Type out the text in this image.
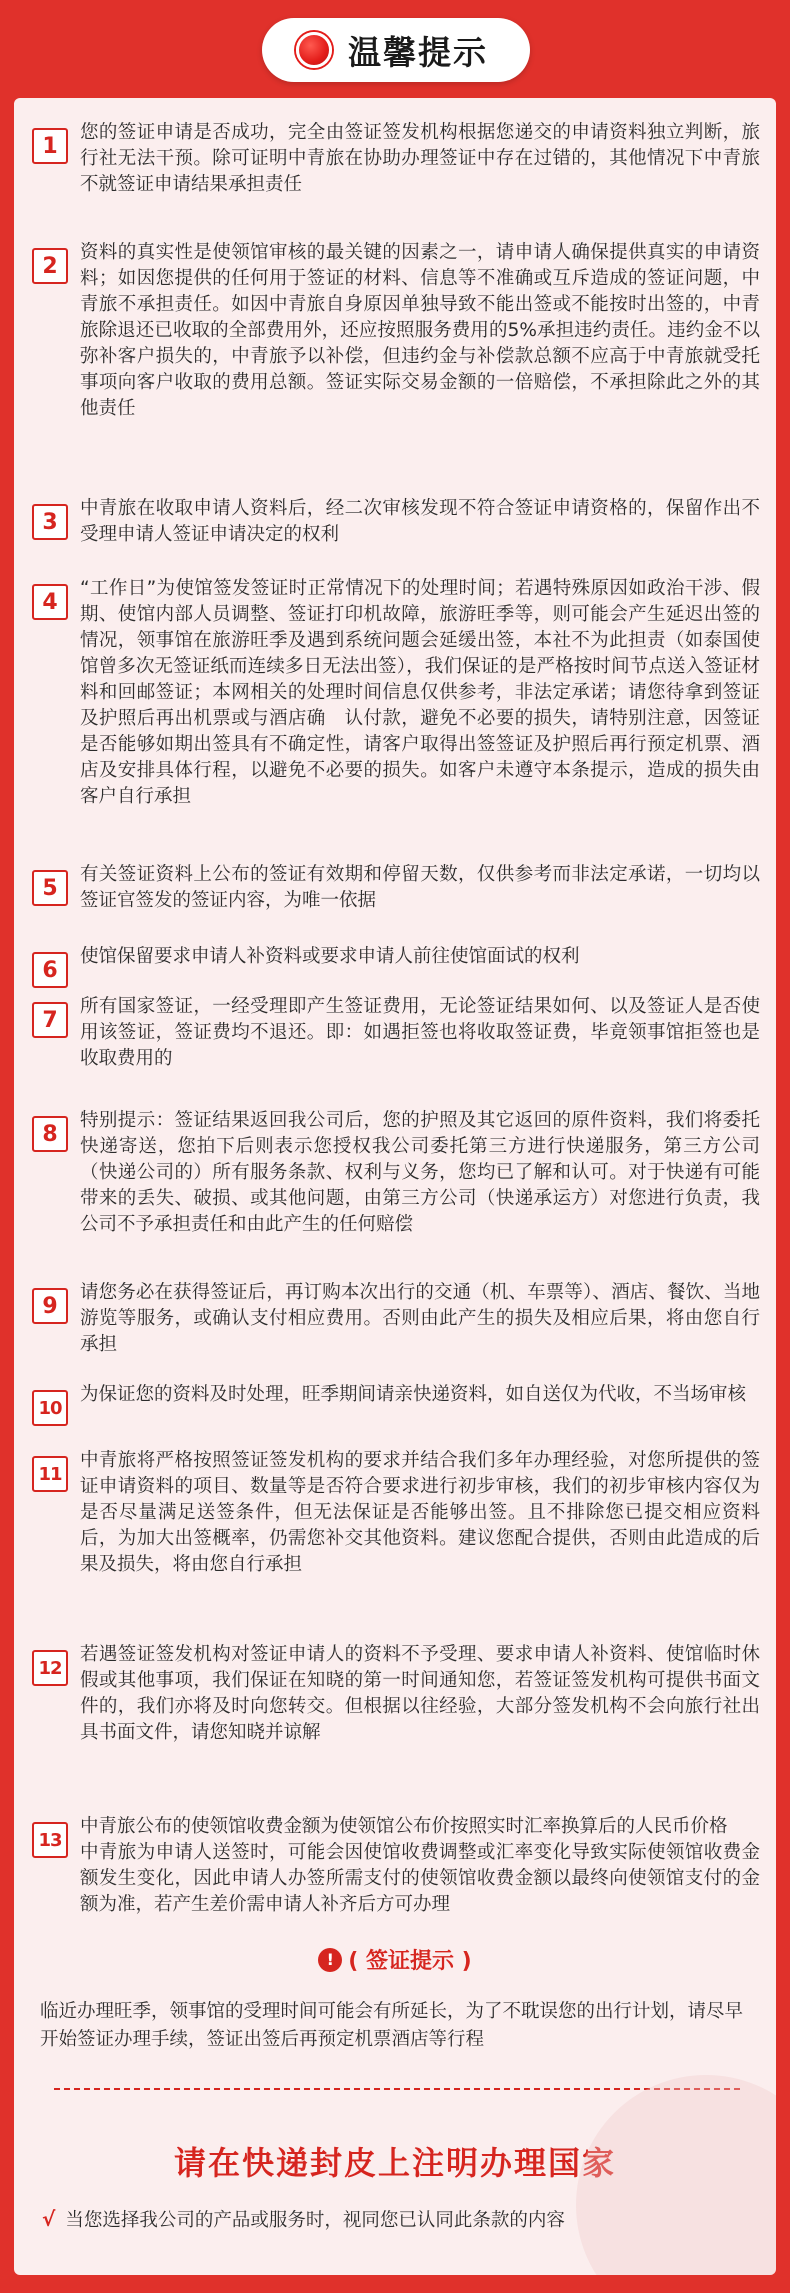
温馨提示
1
您的签证申请是否成功，完全由签证签发机构根据您递交的申请资料独立判断，旅行社无法干预。除可证明中青旅在协助办理签证中存在过错的，其他情况下中青旅不就签证申请结果承担责任
2
资料的真实性是使领馆审核的最关键的因素之一，请申请人确保提供真实的申请资料；如因您提供的任何用于签证的材料、信息等不准确或互斥造成的签证问题，中青旅不承担责任。如因中青旅自身原因单独导致不能出签或不能按时出签的，中青旅除退还已收取的全部费用外，还应按照服务费用的5%承担违约责任。违约金不以弥补客户损失的，中青旅予以补偿，但违约金与补偿款总额不应高于中青旅就受托事项向客户收取的费用总额。签证实际交易金额的一倍赔偿，不承担除此之外的其他责任
3
中青旅在收取申请人资料后，经二次审核发现不符合签证申请资格的，保留作出不受理申请人签证申请决定的权利
4
“工作日”为使馆签发签证时正常情况下的处理时间；若遇特殊原因如政治干涉、假期、使馆内部人员调整、签证打印机故障，旅游旺季等，则可能会产生延迟出签的情况，领事馆在旅游旺季及遇到系统问题会延缓出签，本社不为此担责（如泰国使馆曾多次无签证纸而连续多日无法出签），我们保证的是严格按时间节点送入签证材料和回邮签证；本网相关的处理时间信息仅供参考，非法定承诺；请您待拿到签证及护照后再出机票或与酒店确　认付款，避免不必要的损失，请特别注意，因签证是否能够如期出签具有不确定性，请客户取得出签签证及护照后再行预定机票、酒店及安排具体行程，以避免不必要的损失。如客户未遵守本条提示，造成的损失由客户自行承担
5
有关签证资料上公布的签证有效期和停留天数，仅供参考而非法定承诺，一切均以签证官签发的签证内容，为唯一依据
6
使馆保留要求申请人补资料或要求申请人前往使馆面试的权利
7
所有国家签证，一经受理即产生签证费用，无论签证结果如何、以及签证人是否使用该签证，签证费均不退还。即：如遇拒签也将收取签证费，毕竟领事馆拒签也是收取费用的
8
特别提示：签证结果返回我公司后，您的护照及其它返回的原件资料，我们将委托快递寄送，您拍下后则表示您授权我公司委托第三方进行快递服务，第三方公司（快递公司的）所有服务条款、权利与义务，您均已了解和认可。对于快递有可能带来的丢失、破损、或其他问题，由第三方公司（快递承运方）对您进行负责，我公司不予承担责任和由此产生的任何赔偿
9
请您务必在获得签证后，再订购本次出行的交通（机、车票等）、酒店、餐饮、当地游览等服务，或确认支付相应费用。否则由此产生的损失及相应后果，将由您自行承担
10
为保证您的资料及时处理，旺季期间请亲快递资料，如自送仅为代收，不当场审核
11
中青旅将严格按照签证签发机构的要求并结合我们多年办理经验，对您所提供的签证申请资料的项目、数量等是否符合要求进行初步审核，我们的初步审核内容仅为是否尽量满足送签条件，但无法保证是否能够出签。且不排除您已提交相应资料后，为加大出签概率，仍需您补交其他资料。建议您配合提供，否则由此造成的后果及损失，将由您自行承担
12
若遇签证签发机构对签证申请人的资料不予受理、要求申请人补资料、使馆临时休假或其他事项，我们保证在知晓的第一时间通知您，若签证签发机构可提供书面文件的，我们亦将及时向您转交。但根据以往经验，大部分签发机构不会向旅行社出具书面文件，请您知晓并谅解
13
中青旅公布的使领馆收费金额为使领馆公布价按照实时汇率换算后的人民币价格
中青旅为申请人送签时，可能会因使馆收费调整或汇率变化导致实际使领馆收费金额发生变化，因此申请人办签所需支付的使领馆收费金额以最终向使领馆支付的金额为准，若产生差价需申请人补齐后方可办理
! ( 签证提示 )
临近办理旺季，领事馆的受理时间可能会有所延长，为了不耽误您的出行计划，请尽早开始签证办理手续，签证出签后再预定机票酒店等行程
请在快递封皮上注明办理国家
√ 当您选择我公司的产品或服务时，视同您已认同此条款的内容
